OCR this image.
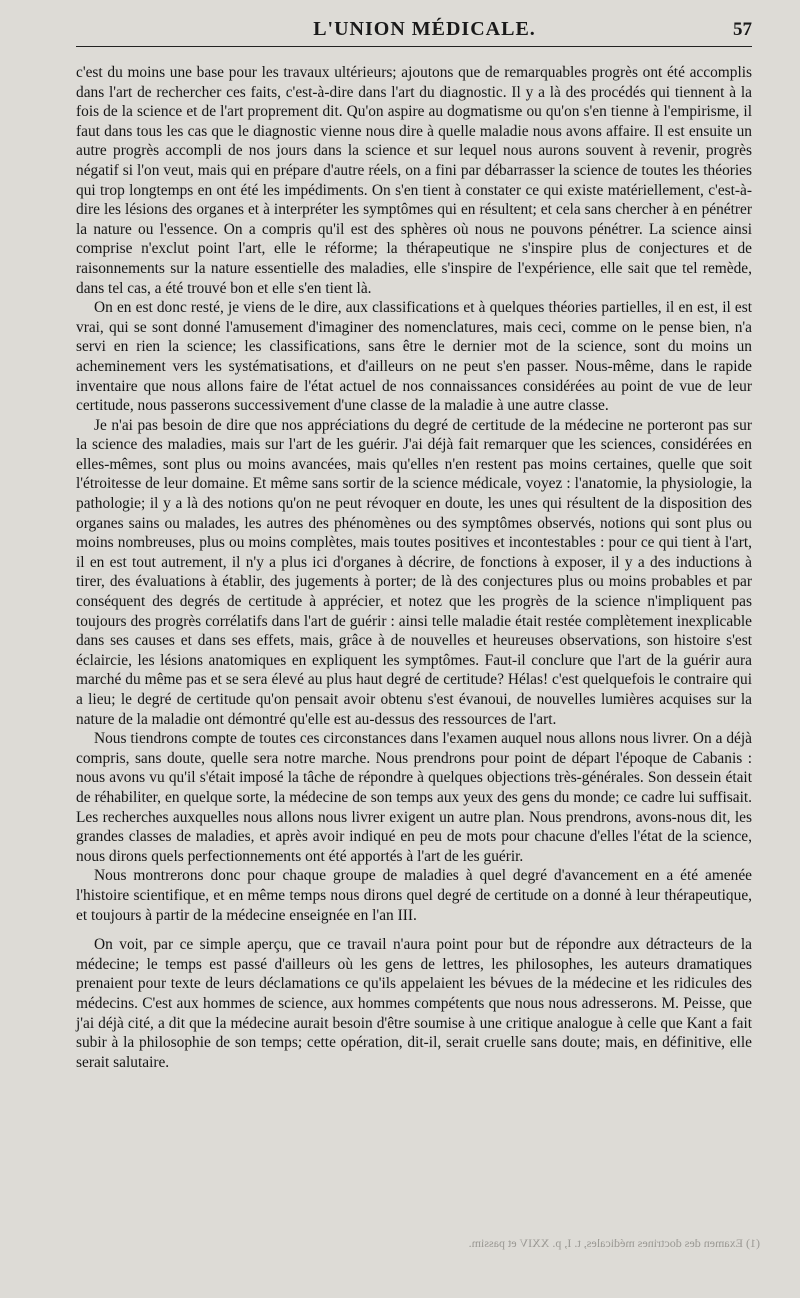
L'UNION MÉDICALE.	57

c'est du moins une base pour les travaux ultérieurs; ajoutons que de remarquables progrès ont été accomplis dans l'art de rechercher ces faits, c'est-à-dire dans l'art du diagnostic. Il y a là des procédés qui tiennent à la fois de la science et de l'art proprement dit. Qu'on aspire au dogmatisme ou qu'on s'en tienne à l'empirisme, il faut dans tous les cas que le diagnostic vienne nous dire à quelle maladie nous avons affaire. Il est ensuite un autre progrès accompli de nos jours dans la science et sur lequel nous aurons souvent à revenir, progrès négatif si l'on veut, mais qui en prépare d'autre réels, on a fini par débarrasser la science de toutes les théories qui trop longtemps en ont été les impédiments. On s'en tient à constater ce qui existe matériellement, c'est-à-dire les lésions des organes et à interpréter les symptômes qui en résultent; et cela sans chercher à en pénétrer la nature ou l'essence. On a compris qu'il est des sphères où nous ne pouvons pénétrer. La science ainsi comprise n'exclut point l'art, elle le réforme; la thérapeutique ne s'inspire plus de conjectures et de raisonnements sur la nature essentielle des maladies, elle s'inspire de l'expérience, elle sait que tel remède, dans tel cas, a été trouvé bon et elle s'en tient là.

On en est donc resté, je viens de le dire, aux classifications et à quelques théories partielles, il en est, il est vrai, qui se sont donné l'amusement d'imaginer des nomenclatures, mais ceci, comme on le pense bien, n'a servi en rien la science; les classifications, sans être le dernier mot de la science, sont du moins un acheminement vers les systématisations, et d'ailleurs on ne peut s'en passer. Nous-même, dans le rapide inventaire que nous allons faire de l'état actuel de nos connaissances considérées au point de vue de leur certitude, nous passerons successivement d'une classe de la maladie à une autre classe.

Je n'ai pas besoin de dire que nos appréciations du degré de certitude de la médecine ne porteront pas sur la science des maladies, mais sur l'art de les guérir. J'ai déjà fait remarquer que les sciences, considérées en elles-mêmes, sont plus ou moins avancées, mais qu'elles n'en restent pas moins certaines, quelle que soit l'étroitesse de leur domaine. Et même sans sortir de la science médicale, voyez : l'anatomie, la physiologie, la pathologie; il y a là des notions qu'on ne peut révoquer en doute, les unes qui résultent de la disposition des organes sains ou malades, les autres des phénomènes ou des symptômes observés, notions qui sont plus ou moins nombreuses, plus ou moins complètes, mais toutes positives et incontestables : pour ce qui tient à l'art, il en est tout autrement, il n'y a plus ici d'organes à décrire, de fonctions à exposer, il y a des inductions à tirer, des évaluations à établir, des jugements à porter; de là des conjectures plus ou moins probables et par conséquent des degrés de certitude à apprécier, et notez que les progrès de la science n'impliquent pas toujours des progrès corrélatifs dans l'art de guérir : ainsi telle maladie était restée complètement inexplicable dans ses causes et dans ses effets, mais, grâce à de nouvelles et heureuses observations, son histoire s'est éclaircie, les lésions anatomiques en expliquent les symptômes. Faut-il conclure que l'art de la guérir aura marché du même pas et se sera élevé au plus haut degré de certitude? Hélas! c'est quelquefois le contraire qui a lieu; le degré de certitude qu'on pensait avoir obtenu s'est évanoui, de nouvelles lumières acquises sur la nature de la maladie ont démontré qu'elle est au-dessus des ressources de l'art.

Nous tiendrons compte de toutes ces circonstances dans l'examen auquel nous allons nous livrer. On a déjà compris, sans doute, quelle sera notre marche. Nous prendrons pour point de départ l'époque de Cabanis : nous avons vu qu'il s'était imposé la tâche de répondre à quelques objections très-générales. Son dessein était de réhabiliter, en quelque sorte, la médecine de son temps aux yeux des gens du monde; ce cadre lui suffisait. Les recherches auxquelles nous allons nous livrer exigent un autre plan. Nous prendrons, avons-nous dit, les grandes classes de maladies, et après avoir indiqué en peu de mots pour chacune d'elles l'état de la science, nous dirons quels perfectionnements ont été apportés à l'art de les guérir.

Nous montrerons donc pour chaque groupe de maladies à quel degré d'avancement en a été amenée l'histoire scientifique, et en même temps nous dirons quel degré de certitude on a donné à leur thérapeutique, et toujours à partir de la médecine enseignée en l'an III.

On voit, par ce simple aperçu, que ce travail n'aura point pour but de répondre aux détracteurs de la médecine; le temps est passé d'ailleurs où les gens de lettres, les philosophes, les auteurs dramatiques prenaient pour texte de leurs déclamations ce qu'ils appelaient les bévues de la médecine et les ridicules des médecins. C'est aux hommes de science, aux hommes compétents que nous nous adresserons. M. Peisse, que j'ai déjà cité, a dit que la médecine aurait besoin d'être soumise à une critique analogue à celle que Kant a fait subir à la philosophie de son temps; cette opération, dit-il, serait cruelle sans doute; mais, en définitive, elle serait salutaire.

(1) Examen des doctrines médicales, t. I, p. XXIV et passim.
